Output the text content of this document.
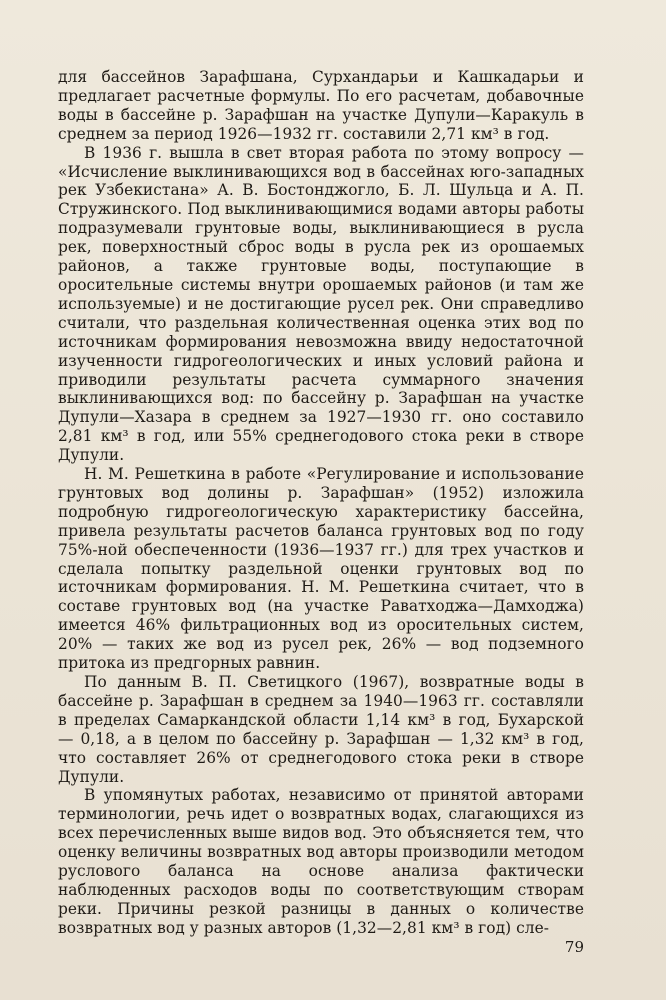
для бассейнов Зарафшана, Сурхандарьи и Кашкадарьи и предлагает расчетные формулы. По его расчетам, добавочные воды в бассейне р. Зарафшан на участке Дупули—Каракуль в среднем за период 1926—1932 гг. составили 2,71 км³ в год.

В 1936 г. вышла в свет вторая работа по этому вопросу — «Исчисление выклинивающихся вод в бассейнах юго-западных рек Узбекистана» А. В. Бостонджогло, Б. Л. Шульца и А. П. Стружинского. Под выклинивающимися водами авторы работы подразумевали грунтовые воды, выклинивающиеся в русла рек, поверхностный сброс воды в русла рек из орошаемых районов, а также грунтовые воды, поступающие в оросительные системы внутри орошаемых районов (и там же используемые) и не достигающие русел рек. Они справедливо считали, что раздельная количественная оценка этих вод по источникам формирования невозможна ввиду недостаточной изученности гидрогеологических и иных условий района и приводили результаты расчета суммарного значения выклинивающихся вод: по бассейну р. Зарафшан на участке Дупули—Хазара в среднем за 1927—1930 гг. оно составило 2,81 км³ в год, или 55% среднегодового стока реки в створе Дупули.

Н. М. Решеткина в работе «Регулирование и использование грунтовых вод долины р. Зарафшан» (1952) изложила подробную гидрогеологическую характеристику бассейна, привела результаты расчетов баланса грунтовых вод по году 75%-ной обеспеченности (1936—1937 гг.) для трех участков и сделала попытку раздельной оценки грунтовых вод по источникам формирования. Н. М. Решеткина считает, что в составе грунтовых вод (на участке Раватходжа—Дамходжа) имеется 46% фильтрационных вод из оросительных систем, 20% — таких же вод из русел рек, 26% — вод подземного притока из предгорных равнин.

По данным В. П. Светицкого (1967), возвратные воды в бассейне р. Зарафшан в среднем за 1940—1963 гг. составляли в пределах Самаркандской области 1,14 км³ в год, Бухарской — 0,18, а в целом по бассейну р. Зарафшан — 1,32 км³ в год, что составляет 26% от среднегодового стока реки в створе Дупули.

В упомянутых работах, независимо от принятой авторами терминологии, речь идет о возвратных водах, слагающихся из всех перечисленных выше видов вод. Это объясняется тем, что оценку величины возвратных вод авторы производили методом руслового баланса на основе анализа фактически наблюденных расходов воды по соответствующим створам реки. Причины резкой разницы в данных о количестве возвратных вод у разных авторов (1,32—2,81 км³ в год) сле-

79
